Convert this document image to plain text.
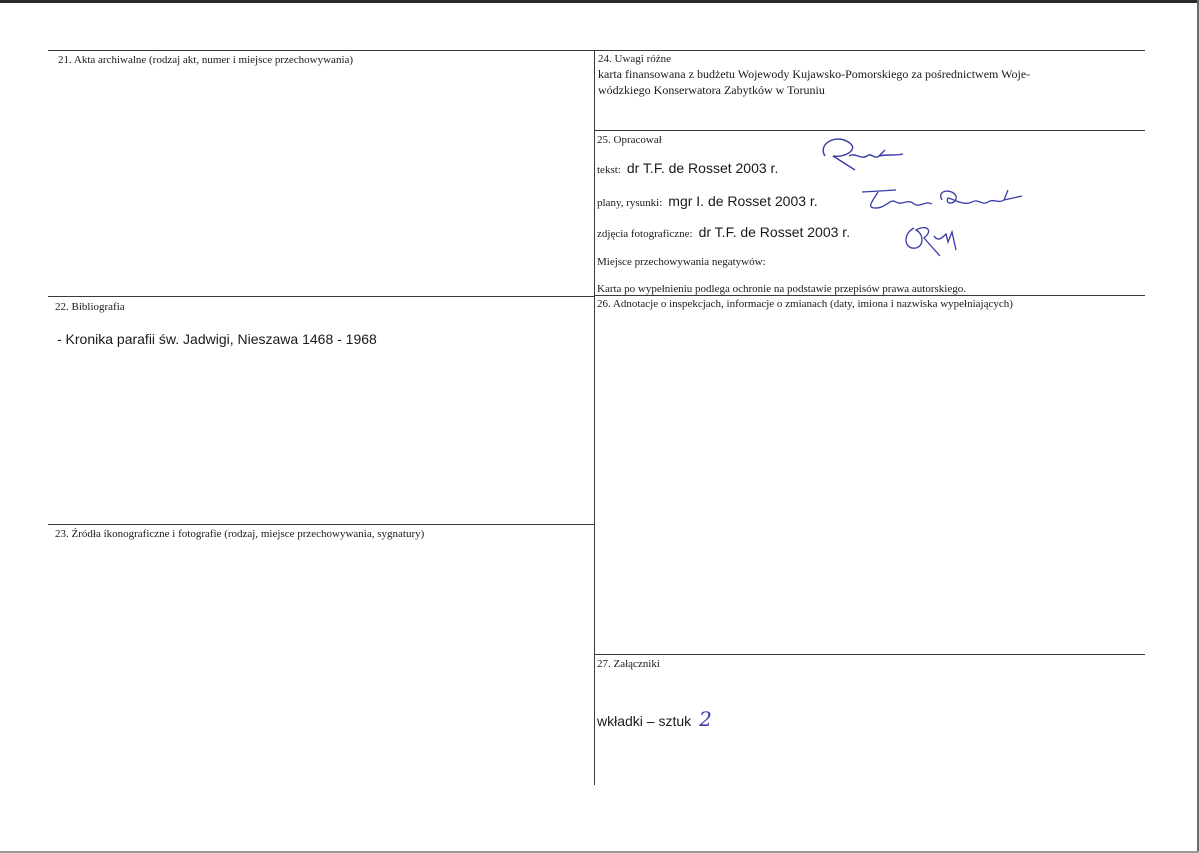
21. Akta archiwalne (rodzaj akt, numer i miejsce przechowywania)
22. Bibliografia
- Kronika parafii św. Jadwigi, Nieszawa 1468 - 1968
23. Źródła ikonograficzne i fotografie (rodzaj, miejsce przechowywania, sygnatury)
24. Uwagi różne
karta finansowana z budżetu Wojewody Kujawsko-Pomorskiego za pośrednictwem Woje-
wódzkiego Konserwatora Zabytków w Toruniu
25. Opracował
tekst: dr T.F. de Rosset 2003 r.
plany, rysunki: mgr I. de Rosset 2003 r.
zdjęcia fotograficzne: dr T.F. de Rosset 2003 r.
Miejsce przechowywania negatywów:
Karta po wypełnieniu podlega ochronie na podstawie przepisów prawa autorskiego.
26. Adnotacje o inspekcjach, informacje o zmianach (daty, imiona i nazwiska wypełniających)
27. Załączniki
wkładki – sztuk 2
